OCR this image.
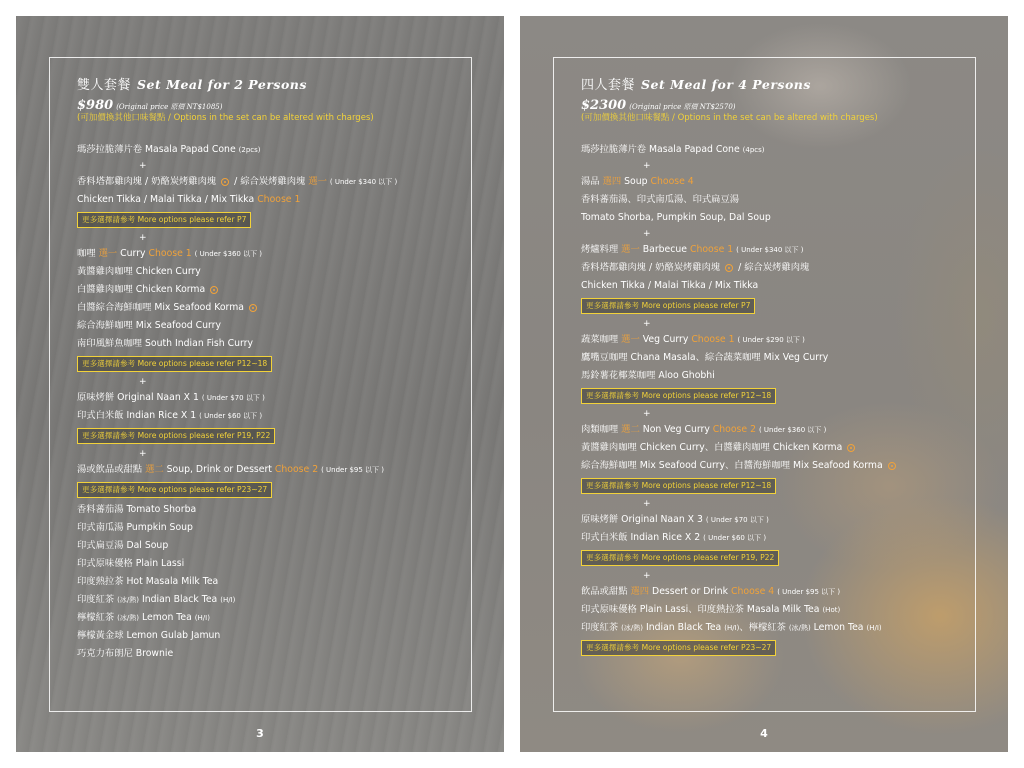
雙人套餐 Set Meal for 2 Persons
$980 (Original price 原價 NT$1085)
(可加價換其他口味餐點 / Options in the set can be altered with charges)
瑪莎拉脆薄片卷 Masala Papad Cone (2pcs)
+
香料塔都雞肉塊 / 奶酪炭烤雞肉塊 / 綜合炭烤雞肉塊 選一 ( Under $340 以下 )
Chicken Tikka / Malai Tikka / Mix Tikka Choose 1
更多選擇請參考 More options please refer P7
+
咖哩 選一 Curry Choose 1 ( Under $360 以下 )
黃醬雞肉咖哩 Chicken Curry
白醬雞肉咖哩 Chicken Korma
白醬綜合海鮮咖哩 Mix Seafood Korma
綜合海鮮咖哩 Mix Seafood Curry
南印風鮮魚咖哩 South Indian Fish Curry
更多選擇請參考 More options please refer P12~18
+
原味烤餅 Original Naan X 1 ( Under $70 以下 )
印式白米飯 Indian Rice X 1 ( Under $60 以下 )
更多選擇請參考 More options please refer P19, P22
+
湯或飲品或甜點 選二 Soup, Drink or Dessert Choose 2 ( Under $95 以下 )
更多選擇請參考 More options please refer P23~27
香料蕃茄湯 Tomato Shorba
印式南瓜湯 Pumpkin Soup
印式扁豆湯 Dal Soup
印式原味優格 Plain Lassi
印度熱拉茶 Hot Masala Milk Tea
印度紅茶 (冰/熱) Indian Black Tea (H/I)
檸檬紅茶 (冰/熱) Lemon Tea (H/I)
檸檬黃金球 Lemon Gulab Jamun
巧克力布朗尼 Brownie
3
四人套餐 Set Meal for 4 Persons
$2300 (Original price 原價 NT$2570)
(可加價換其他口味餐點 / Options in the set can be altered with charges)
瑪莎拉脆薄片卷 Masala Papad Cone (4pcs)
+
湯品 選四 Soup Choose 4
香料蕃茄湯、印式南瓜湯、印式扁豆湯
Tomato Shorba, Pumpkin Soup, Dal Soup
+
烤爐料理 選一 Barbecue Choose 1 ( Under $340 以下 )
香料塔都雞肉塊 / 奶酪炭烤雞肉塊 / 綜合炭烤雞肉塊
Chicken Tikka / Malai Tikka / Mix Tikka
更多選擇請參考 More options please refer P7
+
蔬菜咖哩 選一 Veg Curry Choose 1 ( Under $290 以下 )
鷹嘴豆咖哩 Chana Masala、綜合蔬菜咖哩 Mix Veg Curry
馬鈴薯花椰菜咖哩 Aloo Ghobhi
更多選擇請參考 More options please refer P12~18
+
肉類咖哩 選二 Non Veg Curry Choose 2 ( Under $360 以下 )
黃醬雞肉咖哩 Chicken Curry、白醬雞肉咖哩 Chicken Korma
綜合海鮮咖哩 Mix Seafood Curry、白醬海鮮咖哩 Mix Seafood Korma
更多選擇請參考 More options please refer P12~18
+
原味烤餅 Original Naan X 3 ( Under $70 以下 )
印式白米飯 Indian Rice X 2 ( Under $60 以下 )
更多選擇請參考 More options please refer P19, P22
+
飲品或甜點 選四 Dessert or Drink Choose 4 ( Under $95 以下 )
印式原味優格 Plain Lassi、印度熱拉茶 Masala Milk Tea (Hot)
印度紅茶 (冰/熱) Indian Black Tea (H/I)、檸檬紅茶 (冰/熱) Lemon Tea (H/I)
更多選擇請參考 More options please refer P23~27
4
